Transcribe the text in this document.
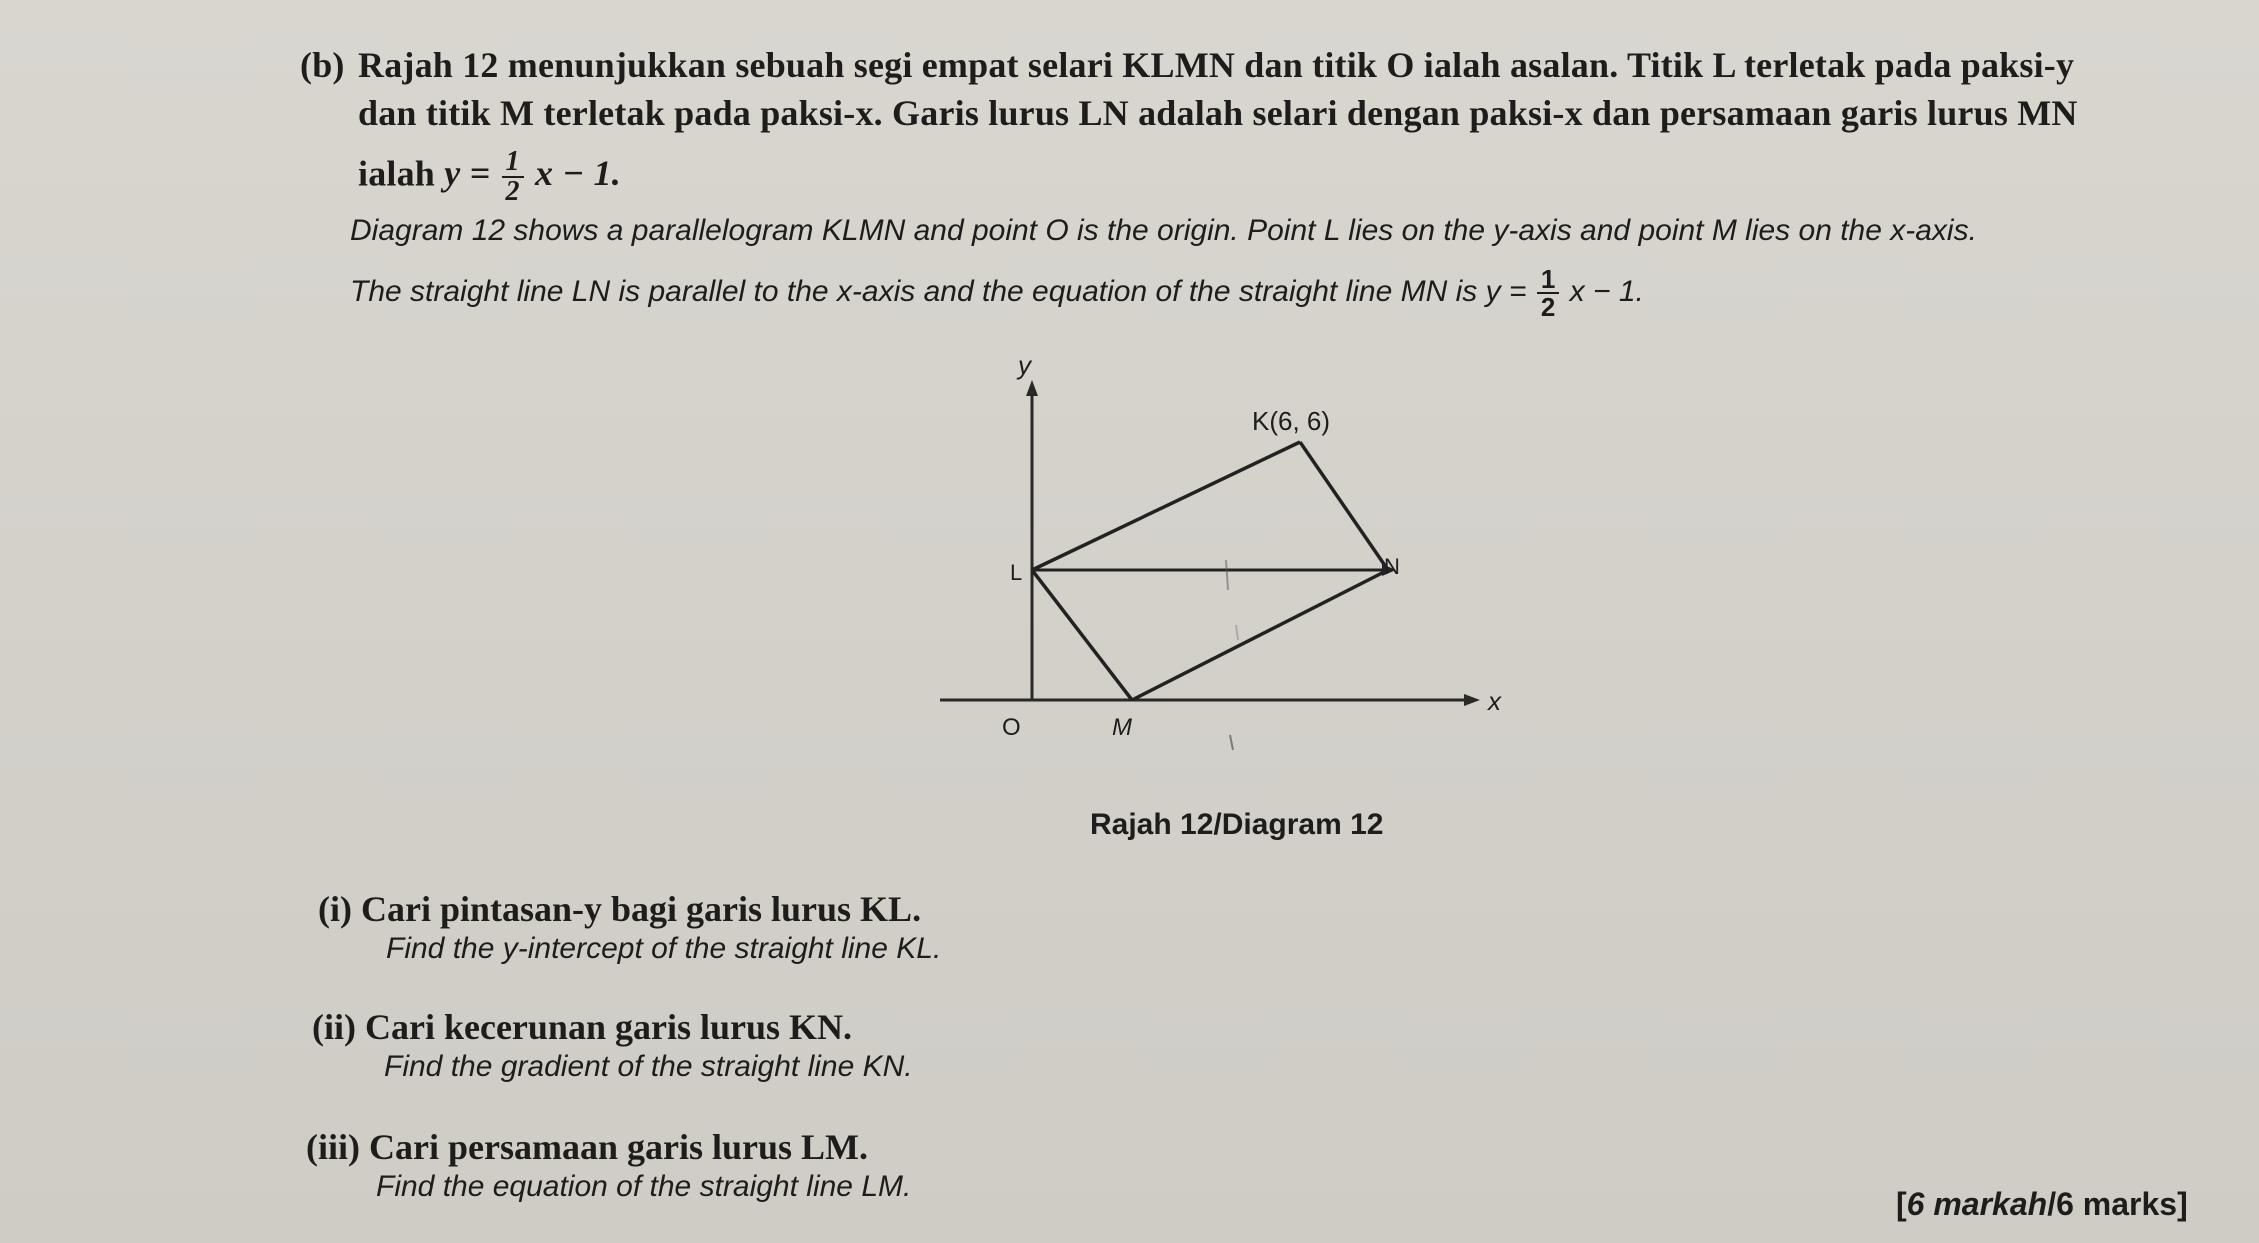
(b) Rajah 12 menunjukkan sebuah segi empat selari KLMN dan titik O ialah asalan. Titik L terletak pada paksi-y
dan titik M terletak pada paksi-x. Garis lurus LN adalah selari dengan paksi-x dan persamaan garis lurus MN
ialah $y = \frac{1}{2}$ x − 1.
Diagram 12 shows a parallelogram KLMN and point O is the origin. Point L lies on the y-axis and point M lies on the x-axis.
The straight line LN is parallel to the x-axis and the equation of the straight line MN is $y = \frac{1}{2}$ x − 1.
y
x
K(6, 6)
L	N
M
O
Rajah 12/Diagram 12
(i) Cari pintasan-y bagi garis lurus KL.
Find the y-intercept of the straight line KL.
(ii) Cari kecerunan garis lurus KN.
Find the gradient of the straight line KN.
(iii) Cari persamaan garis lurus LM.
Find the equation of the straight line LM.	[6 markah/6 marks]
